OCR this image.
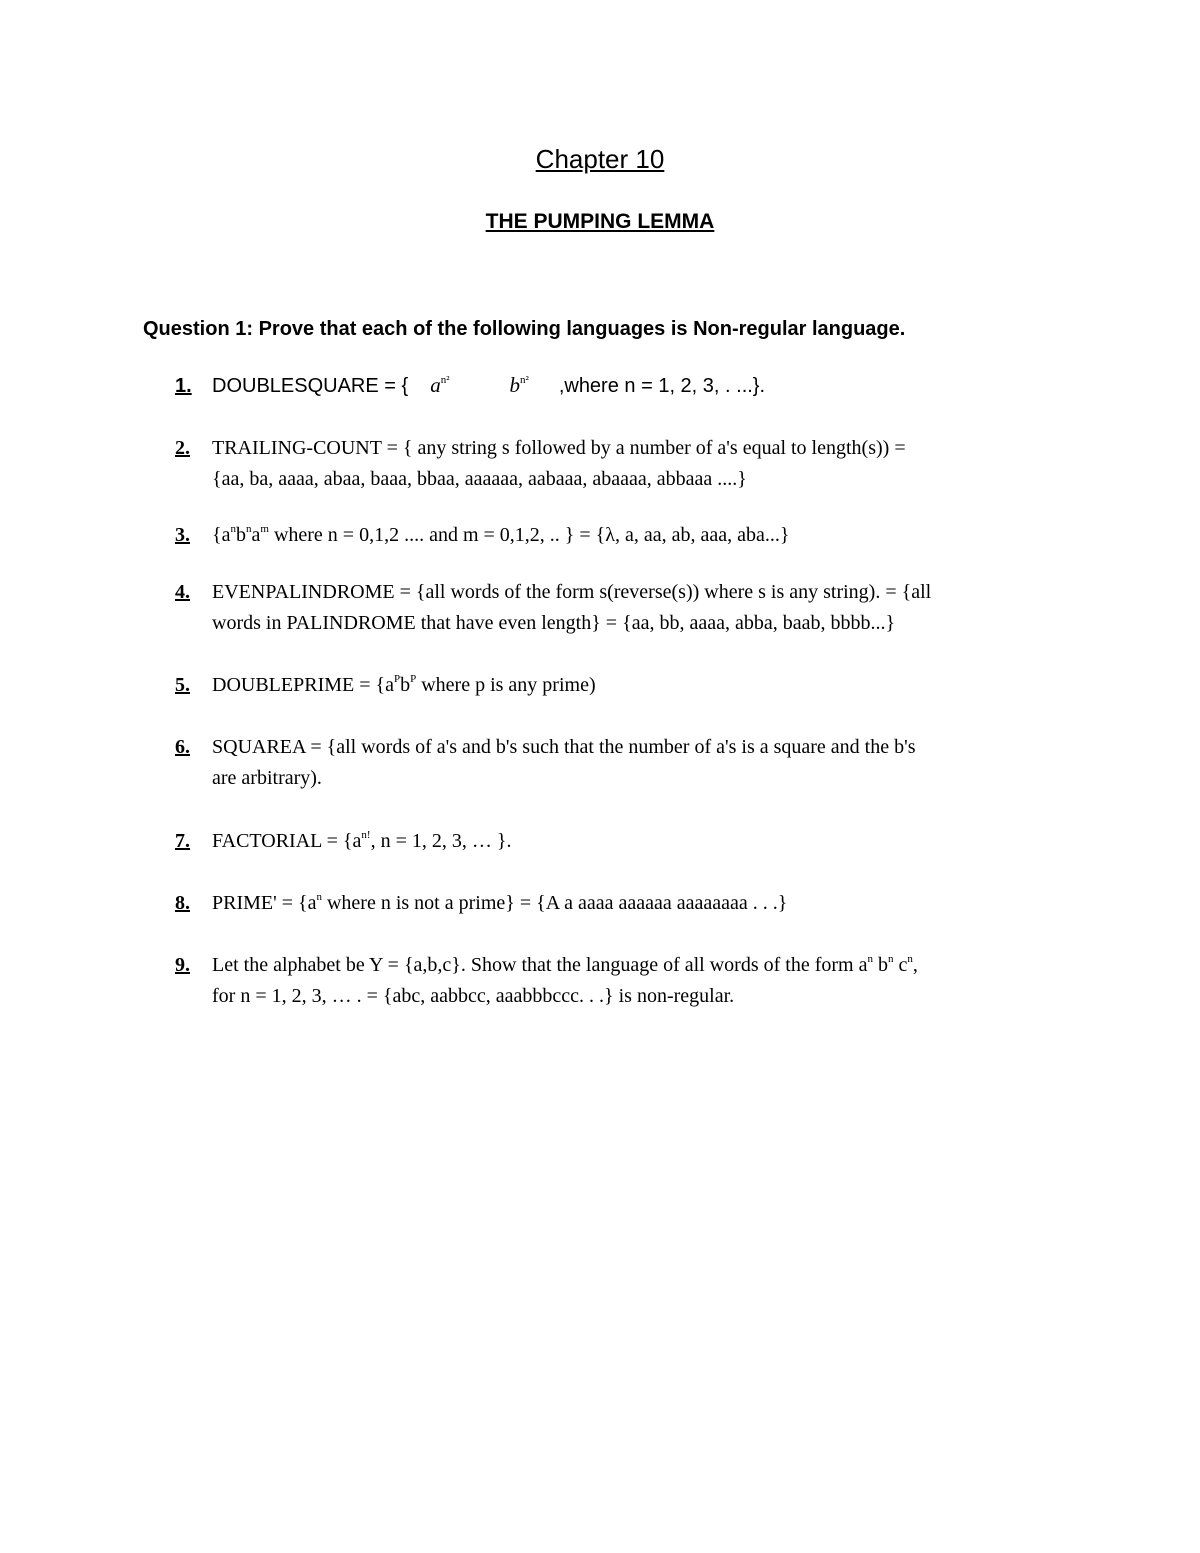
Chapter 10
THE PUMPING LEMMA
Question 1: Prove that each of the following languages is Non-regular language.
1. DOUBLESQUARE = { $a^{n^2}$	$b^{n^2}$ ,where n = 1, 2, 3, . ...}.
2. TRAILING-COUNT = { any string s followed by a number of a's equal to length(s)) =
{aa, ba, aaaa, abaa, baaa, bbaa, aaaaaa, aabaaa, abaaaa, abbaaa ....}
3. {$a^nb^na^m$ where n = 0,1,2 .... and m = 0,1,2, .. } = {λ, a, aa, ab, aaa, aba...}
4. EVENPALINDROME = {all words of the form s(reverse(s)) where s is any string). = {all
words in PALINDROME that have even length} = {aa, bb, aaaa, abba, baab, bbbb...}
5. DOUBLEPRIME = {$a^Pb^P$ where p is any prime)
6. SQUAREA = {all words of a's and b's such that the number of a's is a square and the b's
are arbitrary).
7. FACTORIAL = {$a^{n!}$, n = 1, 2, 3, … }.
8. PRIME' = {$a^n$ where n is not a prime} = {A a aaaa aaaaaa aaaaaaaa . . .}
9. Let the alphabet be Y = {a,b,c}. Show that the language of all words of the form $a^n$ $b^n$ $c^n$,
for n = 1, 2, 3, … . = {abc, aabbcc, aaabbbccc. . .} is non-regular.
